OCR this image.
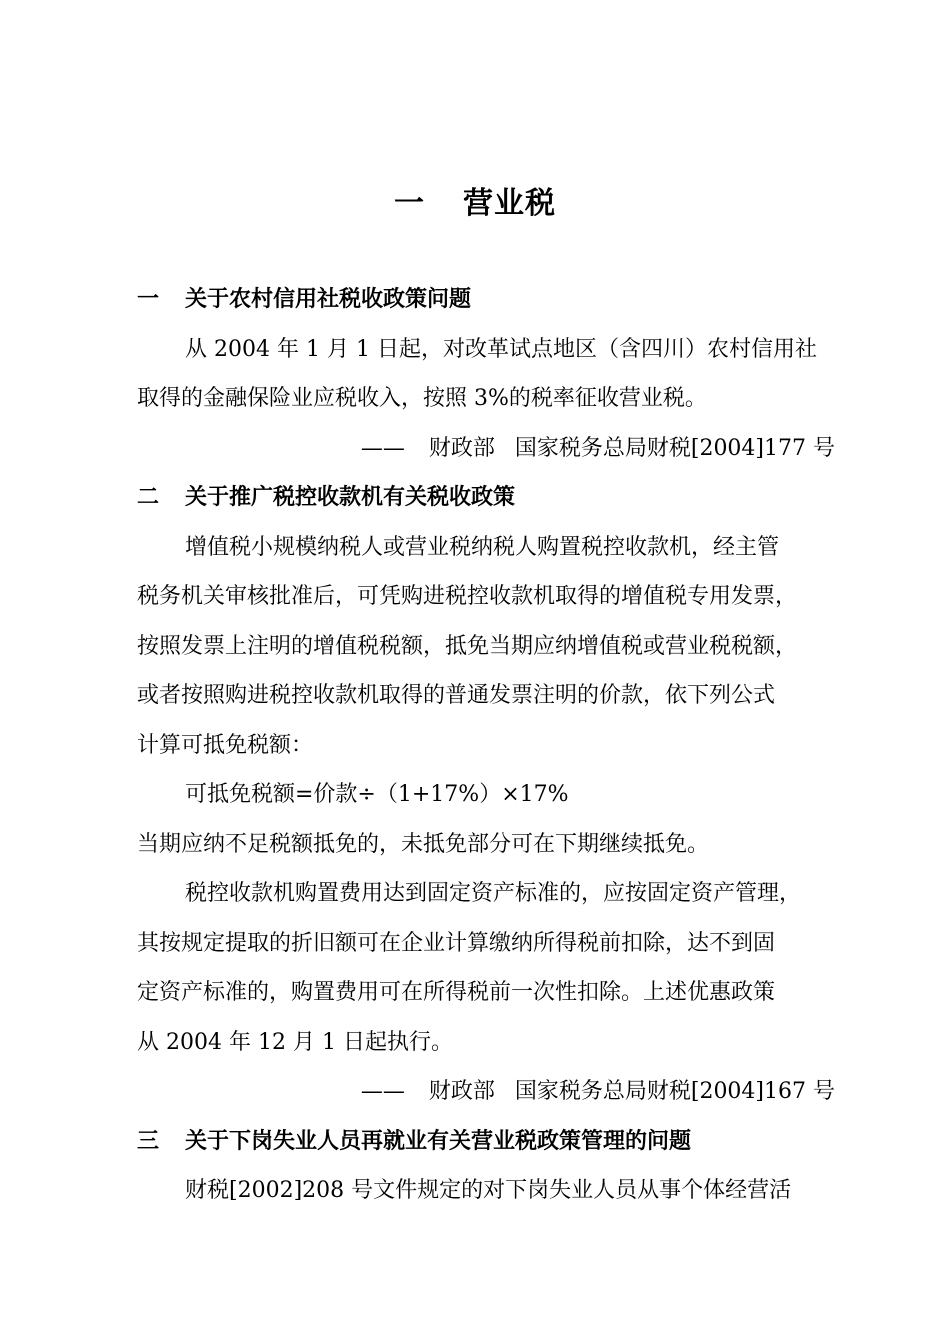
一 营业税
一 关于农村信用社税收政策问题
从 2004 年 1 月 1 日起，对改革试点地区（含四川）农村信用社
取得的金融保险业应税收入，按照 3%的税率征收营业税。
—— 财政部 国家税务总局财税[2004]177 号
二 关于推广税控收款机有关税收政策
增值税小规模纳税人或营业税纳税人购置税控收款机，经主管
税务机关审核批准后，可凭购进税控收款机取得的增值税专用发票，
按照发票上注明的增值税税额，抵免当期应纳增值税或营业税税额，
或者按照购进税控收款机取得的普通发票注明的价款，依下列公式
计算可抵免税额：
可抵免税额=价款÷（1+17%）×17%
当期应纳不足税额抵免的，未抵免部分可在下期继续抵免。
税控收款机购置费用达到固定资产标准的，应按固定资产管理，
其按规定提取的折旧额可在企业计算缴纳所得税前扣除，达不到固
定资产标准的，购置费用可在所得税前一次性扣除。上述优惠政策
从 2004 年 12 月 1 日起执行。
—— 财政部 国家税务总局财税[2004]167 号
三 关于下岗失业人员再就业有关营业税政策管理的问题
财税[2002]208 号文件规定的对下岗失业人员从事个体经营活
